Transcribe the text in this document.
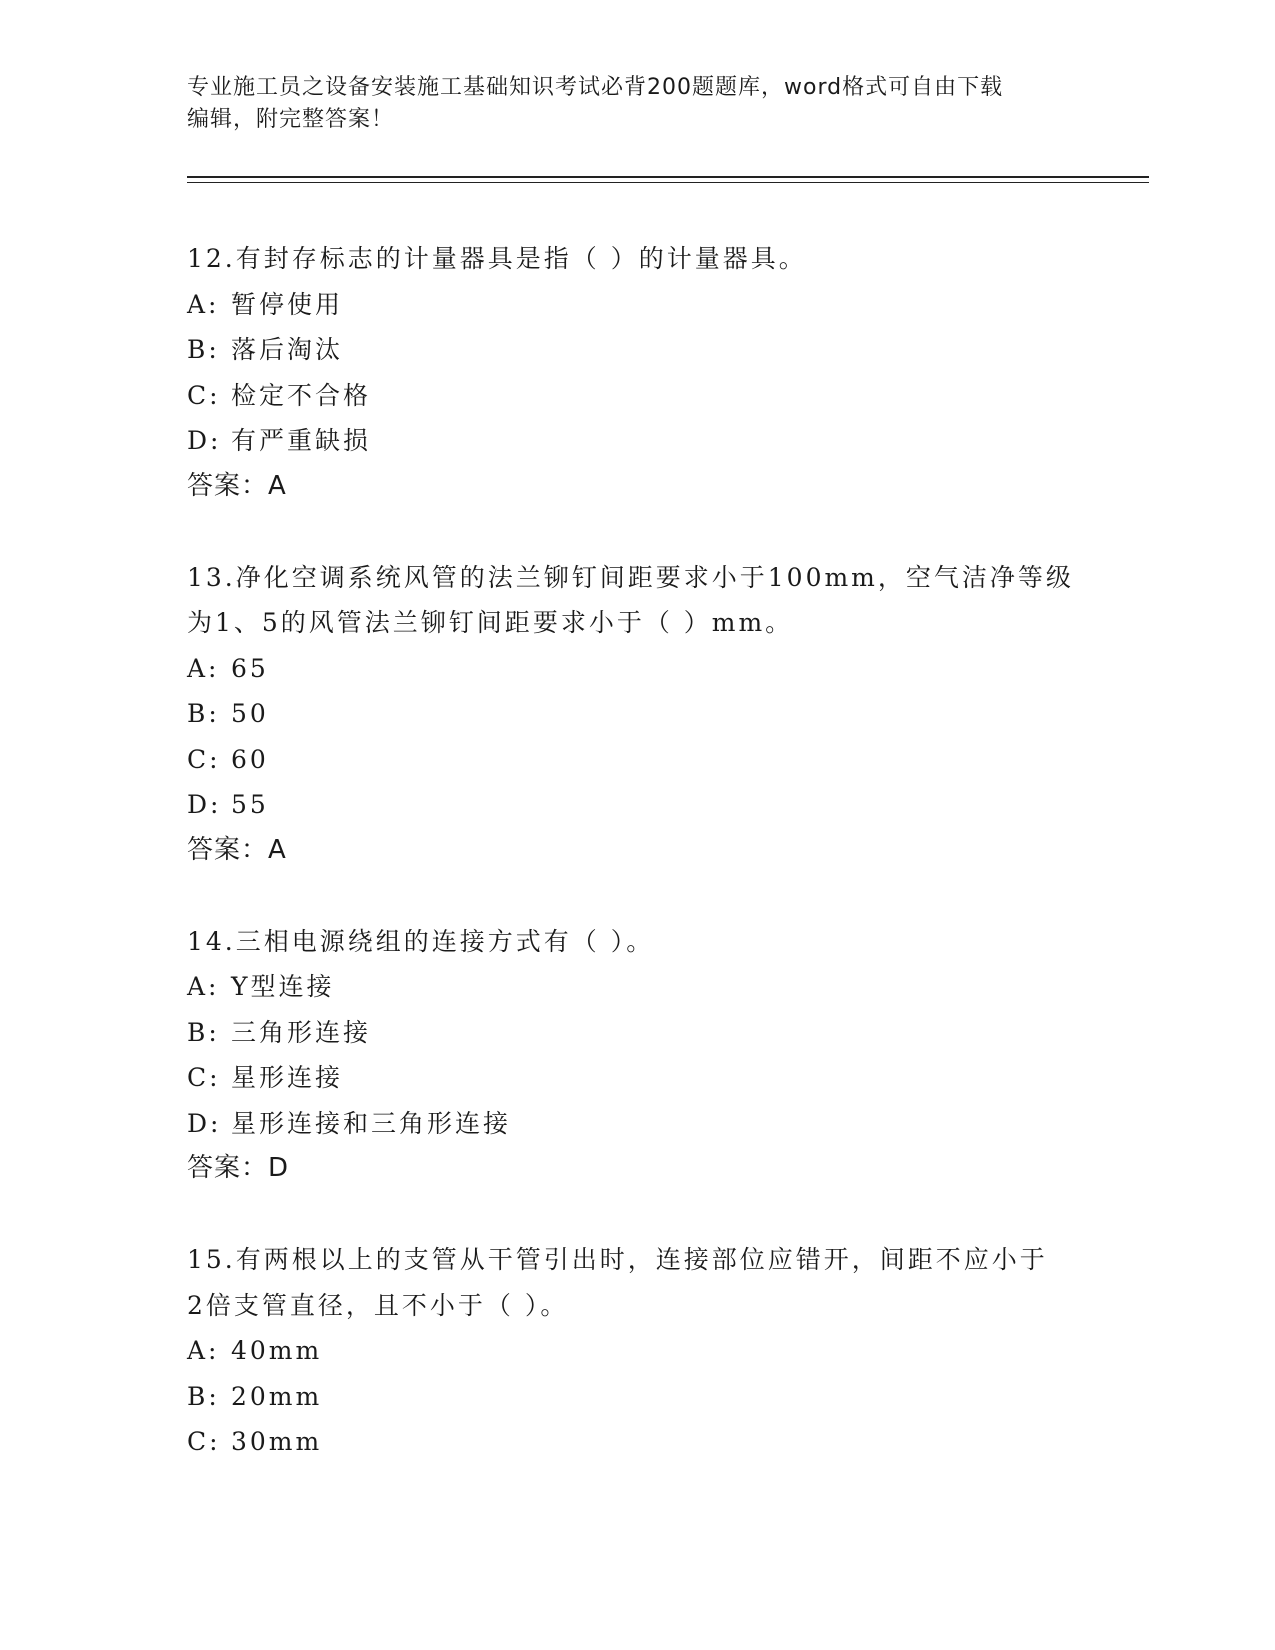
专业施工员之设备安装施工基础知识考试必背200题题库，word格式可自由下载
编辑，附完整答案！

12.有封存标志的计量器具是指（ ）的计量器具。

A: 暂停使用

B: 落后淘汰

C: 检定不合格

D: 有严重缺损

答案：A

13.净化空调系统风管的法兰铆钉间距要求小于100mm，空气洁净等级

为1、5的风管法兰铆钉间距要求小于（ ）mm。

A: 65

B: 50

C: 60

D: 55

答案：A

14.三相电源绕组的连接方式有（ ）。

A: Y型连接

B: 三角形连接

C: 星形连接

D: 星形连接和三角形连接

答案：D

15.有两根以上的支管从干管引出时，连接部位应错开，间距不应小于

2倍支管直径，且不小于（ ）。

A: 40mm

B: 20mm

C: 30mm
